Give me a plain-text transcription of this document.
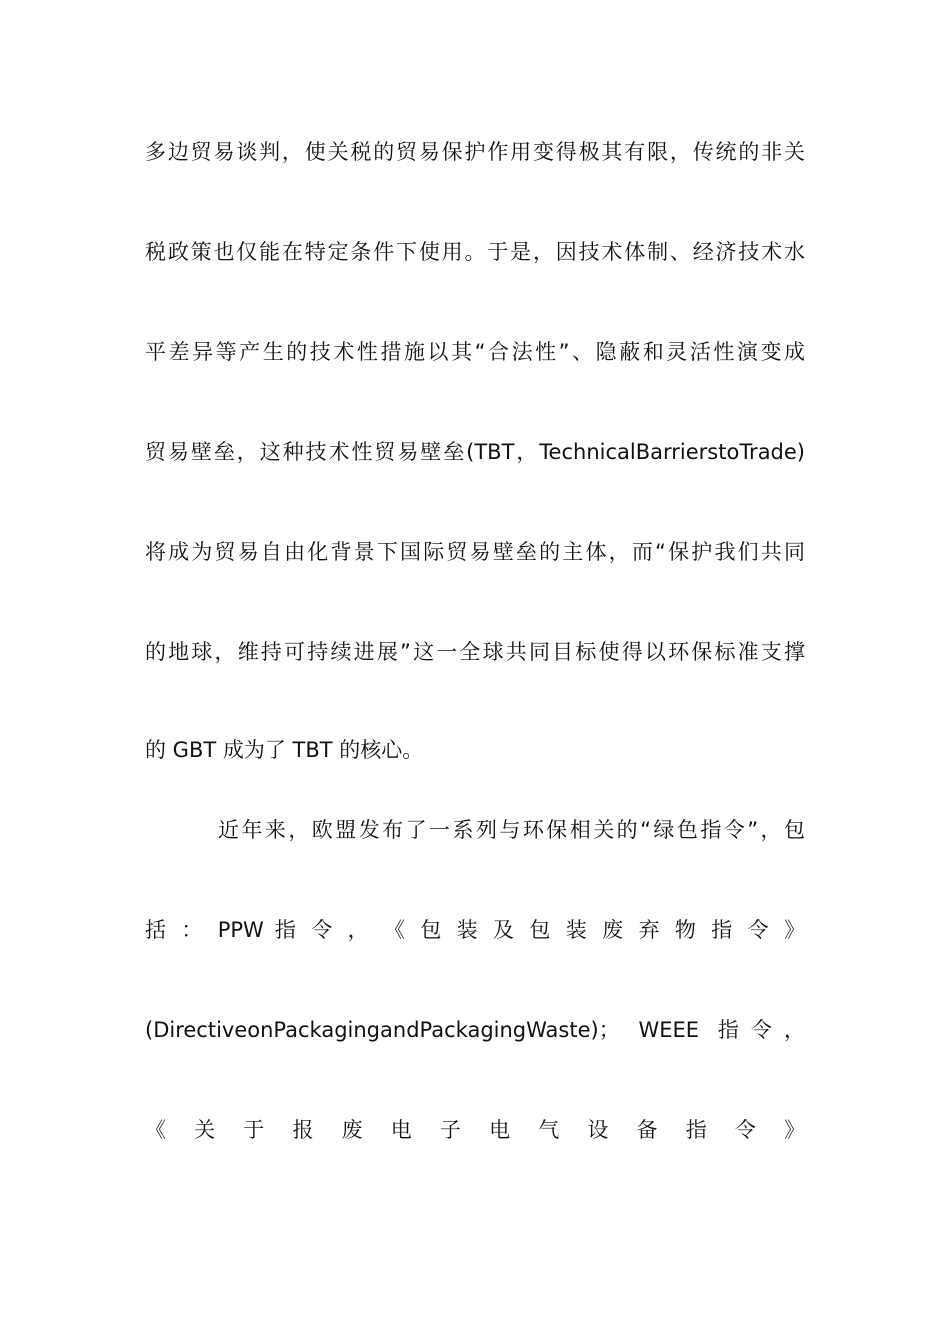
多边贸易谈判，使关税的贸易保护作用变得极其有限，传统的非关
税政策也仅能在特定条件下使用。于是，因技术体制、经济技术水
平差异等产生的技术性措施以其“合法性”、隐蔽和灵活性演变成
贸易壁垒，这种技术性贸易壁垒(TBT，TechnicalBarrierstoTrade)
将成为贸易自由化背景下国际贸易壁垒的主体，而“保护我们共同
的地球，维持可持续进展”这一全球共同目标使得以环保标准支撑
的 GBT 成为了 TBT 的核心。
近年来，欧盟发布了一系列与环保相关的“绿色指令”，包
括 ： PPW 指 令 ， 《 包 装 及 包 装 废 弃 物 指 令 》
(DirectiveonPackagingandPackagingWaste)； WEEE 指令，
《 关 于 报 废 电 子 电 气 设 备 指 令 》
